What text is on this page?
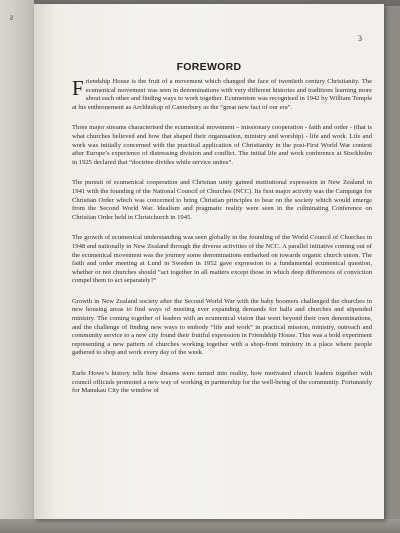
ƨ
3
FOREWORD

Friendship House is the fruit of a movement which changed the face of twentieth century Christianity. The ecumenical movement was seen in denominations with very different histories and traditions learning more about each other and finding ways to work together. Ecumenism was recognised in 1942 by William Temple at his enthronement as Archbishop of Canterbury as the “great new fact of our era”.

Three major streams characterised the ecumenical movement – missionary cooperation - faith and order - (that is what churches believed and how that shaped their organisation, ministry and worship) - life and work. Life and work was initially concerned with the practical application of Christianity in the post-First World War context after Europe’s experience of distressing division and conflict. The initial life and work conference at Stockholm in 1925 declared that “doctrine divides while service unites”.

The pursuit of ecumenical cooperation and Christian unity gained institutional expression in New Zealand in 1941 with the founding of the National Council of Churches (NCC). Its first major activity was the Campaign for Christian Order which was concerned to bring Christian principles to bear on the society which would emerge from the Second World War. Idealism and pragmatic reality were seen in the culminating Conference on Christian Order held in Christchurch in 1945.

The growth of ecumenical understanding was seen globally in the founding of the World Council of Churches in 1948 and nationally in New Zealand through the diverse activities of the NCC. A parallel initiative coming out of the ecumenical movement was the journey some denominations embarked on towards organic church union. The faith and order meeting at Lund in Sweden in 1952 gave expression to a fundamental ecumenical question, whether or not churches should “act together in all matters except those in which deep differences of conviction compel them to act separately?”

Growth in New Zealand society after the Second World War with the baby boomers challenged the churches in new housing areas to find ways of meeting ever expanding demands for halls and churches and stipended ministry. The coming together of leaders with an ecumenical vision that went beyond their own denominations, and the challenge of finding new ways to embody “life and work” in practical mission, ministry, outreach and community service to a new city found their fruitful expression in Friendship House. This was a bold experiment representing a new pattern of churches working together with a shop-front ministry in a place where people gathered to shop and work every day of the week.

Earle Howe’s history tells how dreams were turned into reality, how motivated church leaders together with council officials promoted a new way of working in partnership for the well-being of the community. Fortunately for Manukau City the window of
